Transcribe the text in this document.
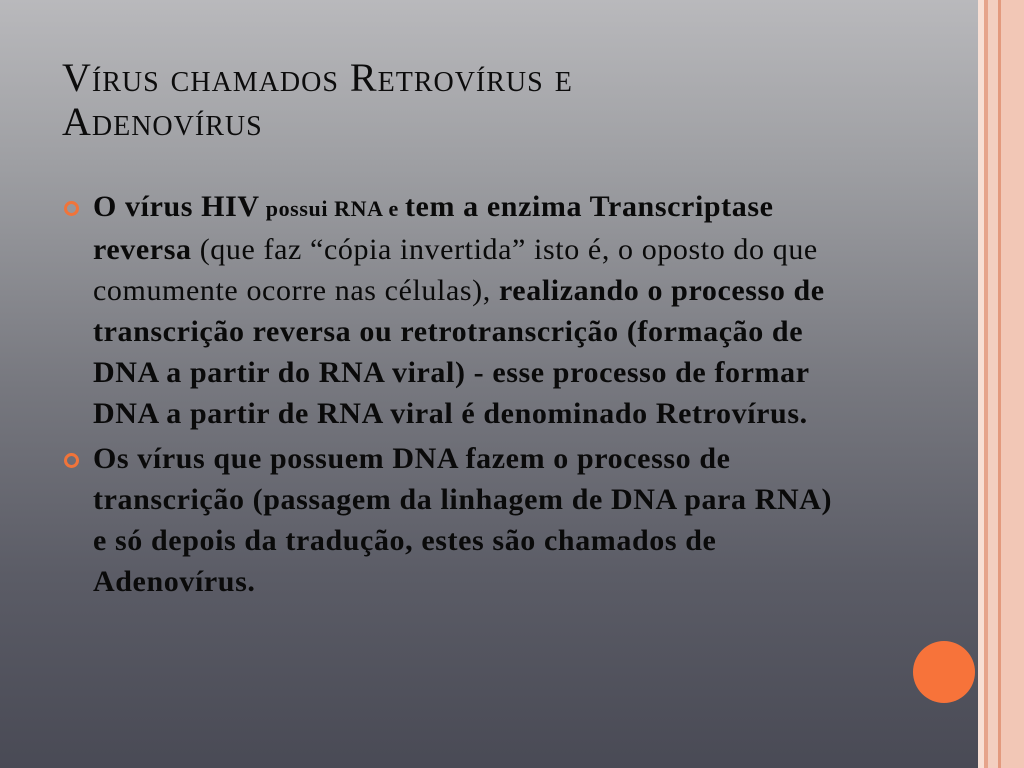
Vírus chamados Retrovírus e
Adenovírus
O vírus HIV possui RNA e tem a enzima Transcriptase reversa (que faz “cópia invertida” isto é, o oposto do que comumente ocorre nas células), realizando o processo de transcrição reversa ou retrotranscrição (formação de DNA a partir do RNA viral) - esse processo de formar DNA a partir de RNA viral é denominado Retrovírus.
Os vírus que possuem DNA fazem o processo de transcrição (passagem da linhagem de DNA para RNA) e só depois da tradução, estes são chamados de Adenovírus.
